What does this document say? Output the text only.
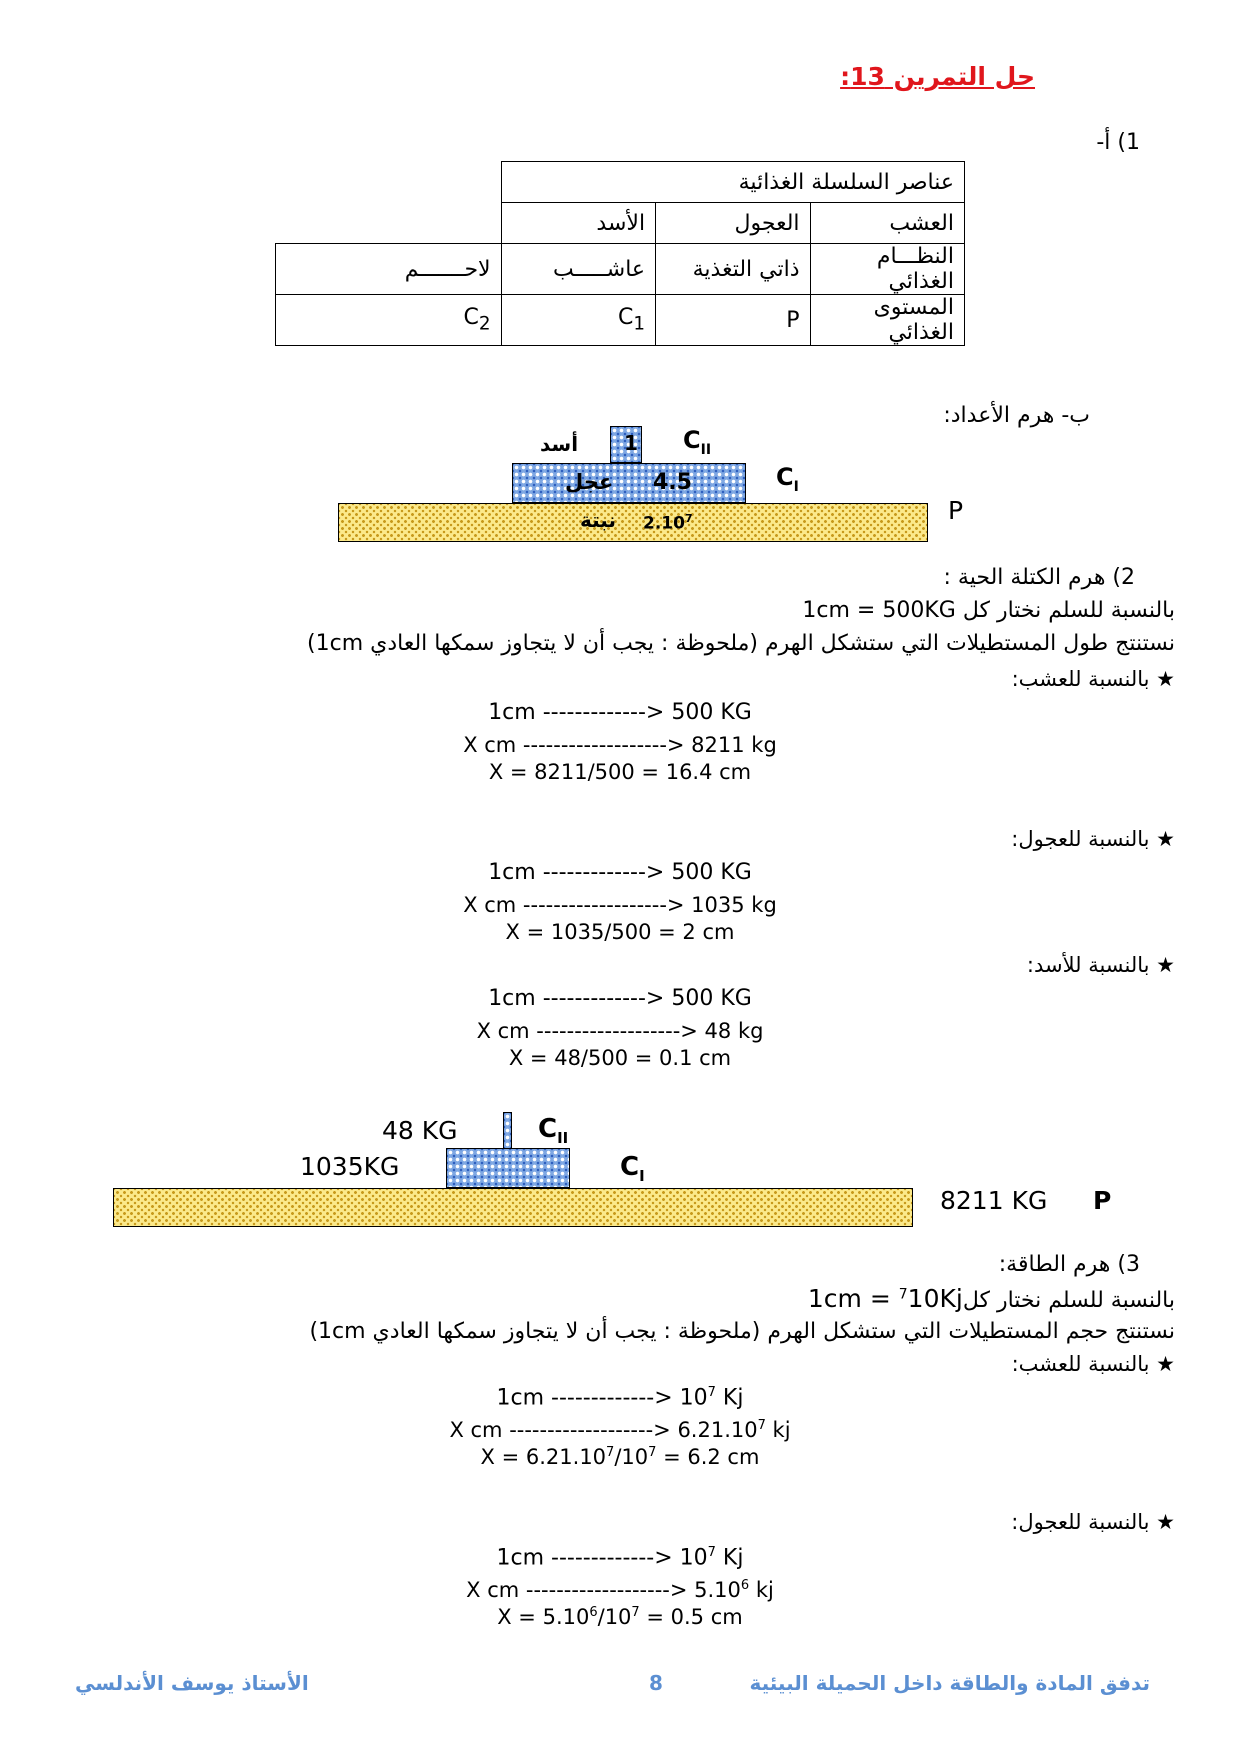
حل التمرين 13:
1) أ-
عناصر السلسلة الغذائية			
العشب	العجول	الأسد	
النظـــام الغذائي	ذاتي التغذية	عاشـــــب	لاحـــــــم
المستوى الغذائي	P	$C_1$	$C_2$
ب- هرم الأعداد:
1
أسد	$C_{II}$
عجل 4.5	$C_I$
نبتة 2.10$^7$	P
2) هرم الكتلة الحية :
بالنسبة للسلم نختار كل 1cm = 500KG
نستنتج طول المستطيلات التي ستشكل الهرم (ملحوظة : يجب أن لا يتجاوز سمكها العادي 1cm)
★ بالنسبة للعشب:
1cm -------------> 500 KG
X cm -------------------> 8211 kg
X = 8211/500 = 16.4 cm
★ بالنسبة للعجول:
1cm -------------> 500 KG
X cm -------------------> 1035 kg
X = 1035/500 = 2 cm
★ بالنسبة للأسد:
1cm -------------> 500 KG
X cm -------------------> 48 kg
X = 48/500 = 0.1 cm
48 KG	$C_{II}$
1035KG	$C_I$
8211 KG P
3) هرم الطاقة:
1cm = $^7$10Kjبالنسبة للسلم نختار كل
نستنتج حجم المستطيلات التي ستشكل الهرم (ملحوظة : يجب أن لا يتجاوز سمكها العادي 1cm)
★ بالنسبة للعشب:
1cm -------------> $10^7$ Kj
X cm -------------------> $6.21.10^7$ kj
$X = 6.21.10^7/10^7 = 6.2$ cm
★ بالنسبة للعجول:
1cm -------------> $10^7$ Kj
X cm -------------------> $5.10^6$ kj
$X = 5.10^6/10^7 = 0.5$ cm
تدفق المادة والطاقة داخل الحميلة البيئية
8
الأستاذ يوسف الأندلسي
